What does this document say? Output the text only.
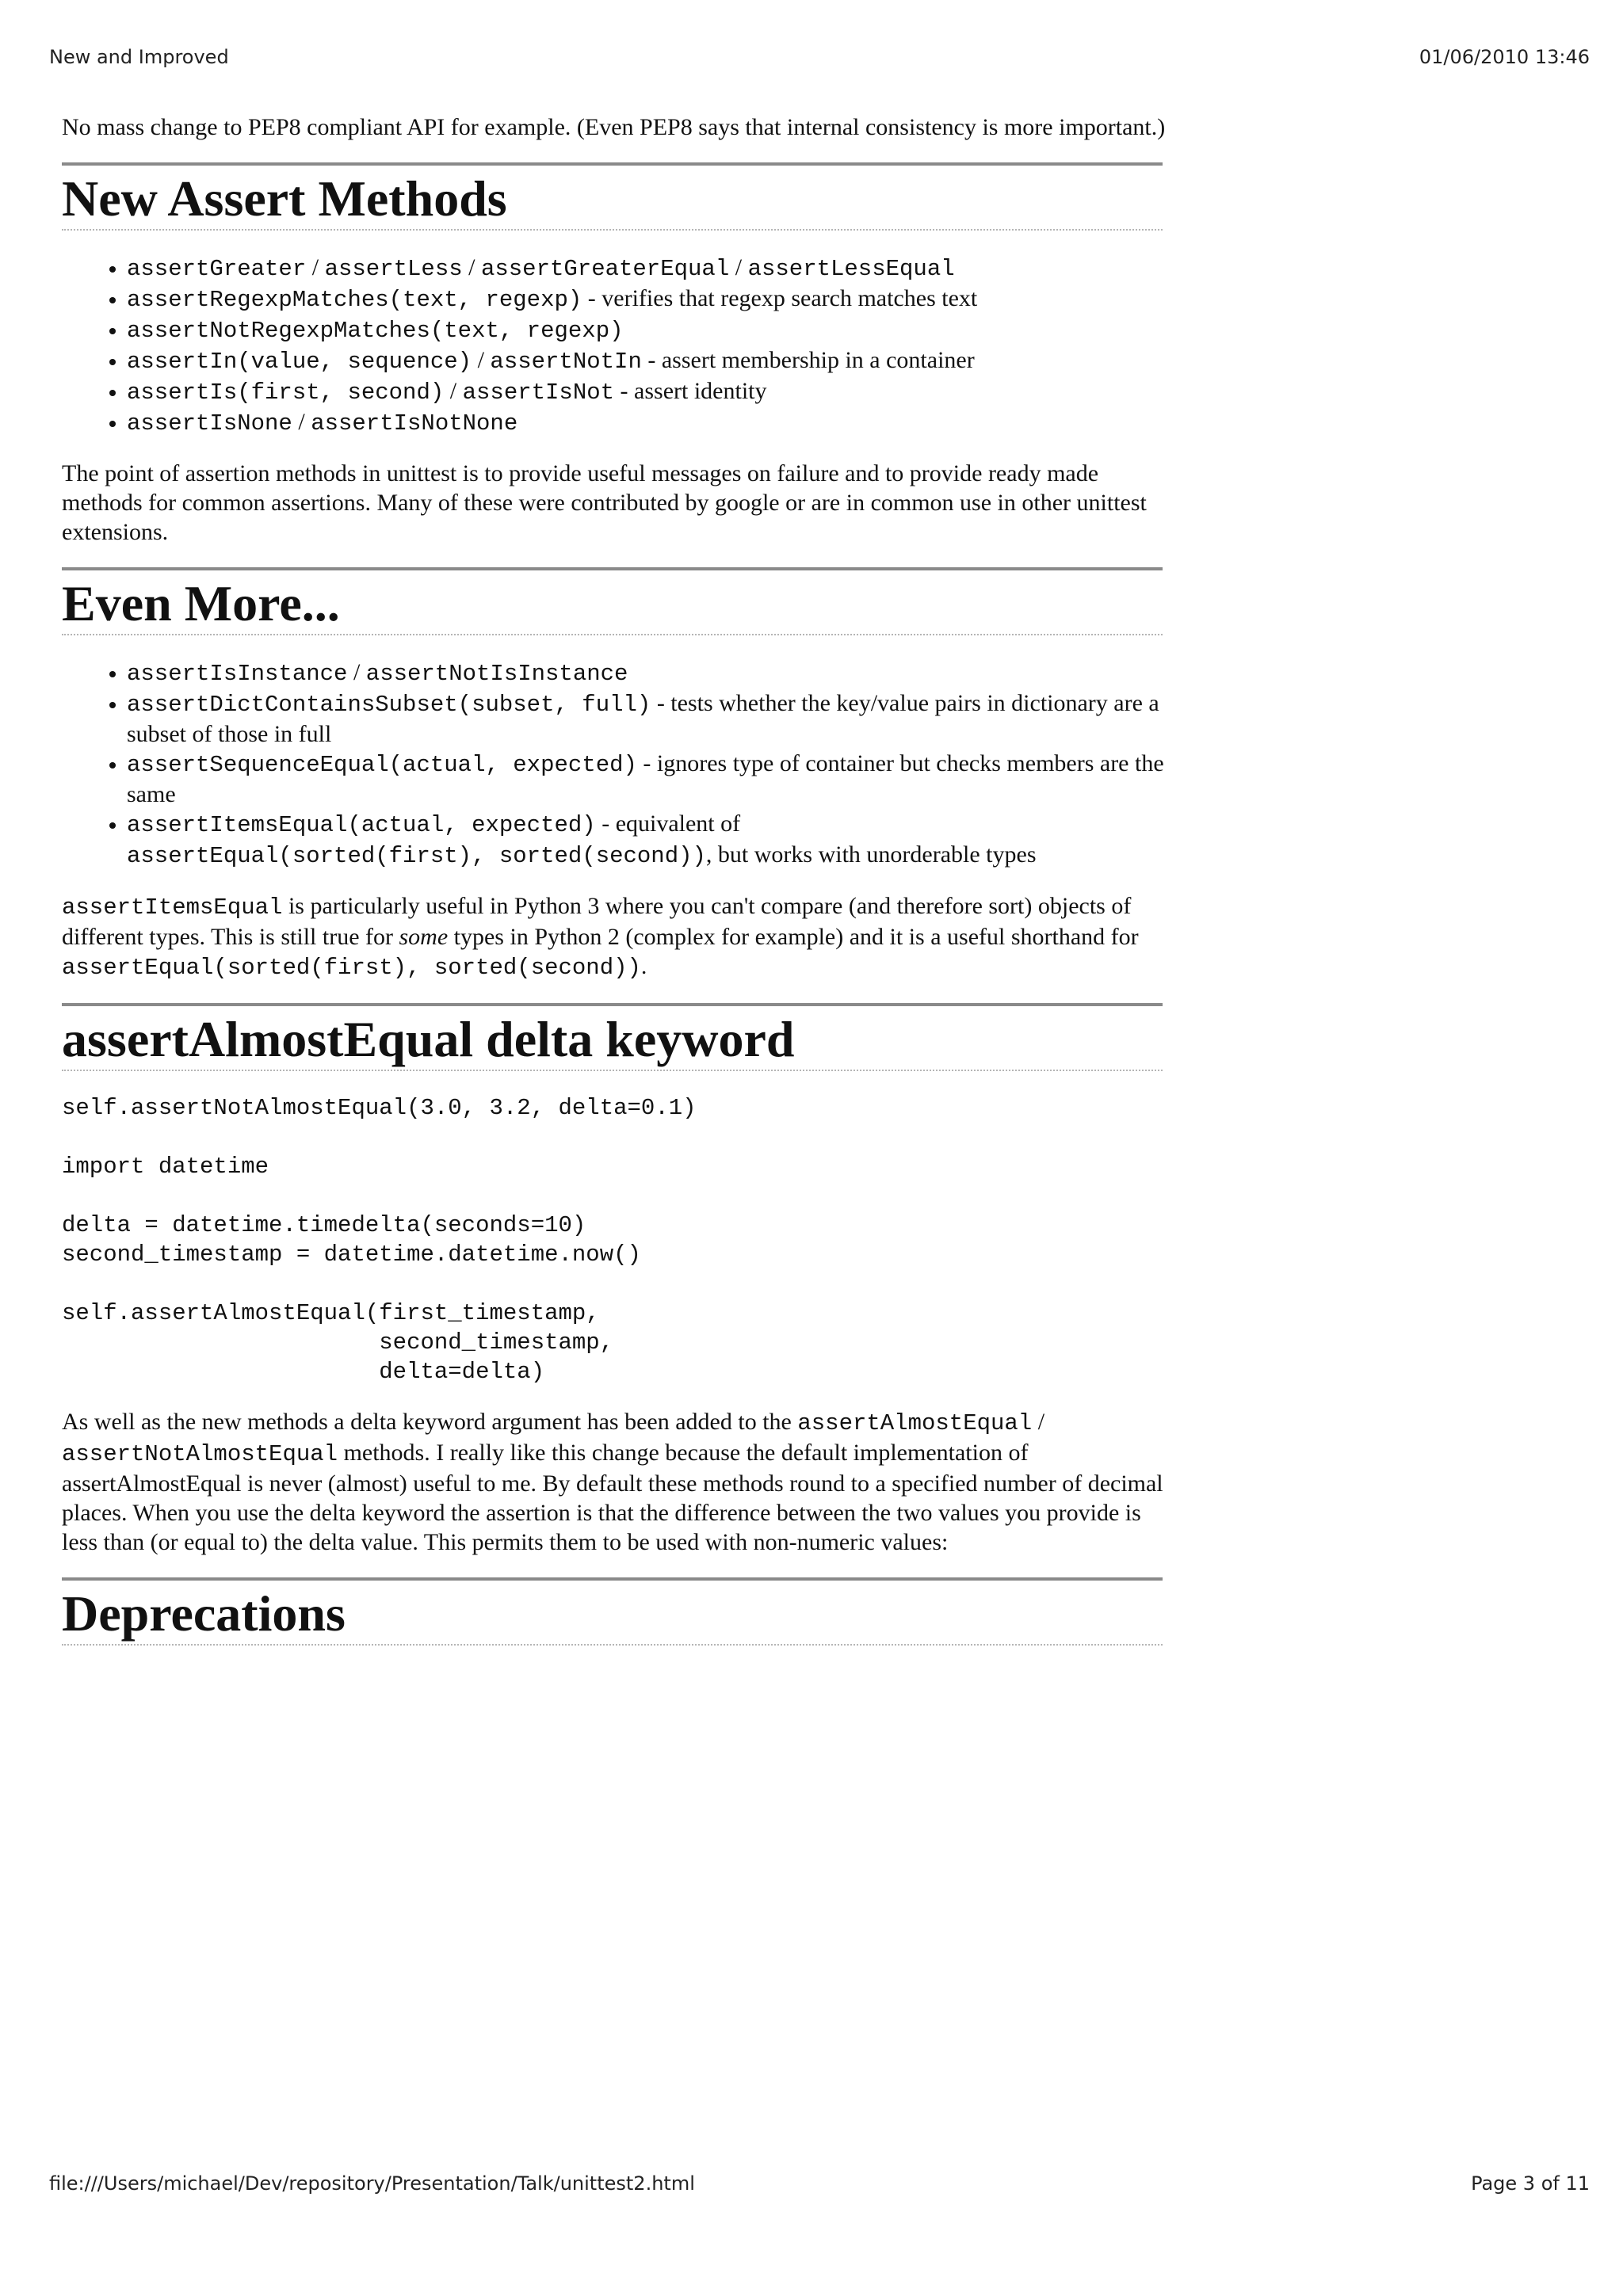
New and Improved	01/06/2010 13:46

No mass change to PEP8 compliant API for example. (Even PEP8 says that internal consistency is more important.)

New Assert Methods
• assertGreater / assertLess / assertGreaterEqual / assertLessEqual
• assertRegexpMatches(text, regexp) - verifies that regexp search matches text
• assertNotRegexpMatches(text, regexp)
• assertIn(value, sequence) / assertNotIn - assert membership in a container
• assertIs(first, second) / assertIsNot - assert identity
• assertIsNone / assertIsNotNone

The point of assertion methods in unittest is to provide useful messages on failure and to provide ready made methods for common assertions. Many of these were contributed by google or are in common use in other unittest extensions.

Even More...
• assertIsInstance / assertNotIsInstance
• assertDictContainsSubset(subset, full) - tests whether the key/value pairs in dictionary are a subset of those in full
• assertSequenceEqual(actual, expected) - ignores type of container but checks members are the same
• assertItemsEqual(actual, expected) - equivalent of
assertEqual(sorted(first), sorted(second)), but works with unorderable types

assertItemsEqual is particularly useful in Python 3 where you can't compare (and therefore sort) objects of different types. This is still true for some types in Python 2 (complex for example) and it is a useful shorthand for assertEqual(sorted(first), sorted(second)).

assertAlmostEqual delta keyword
self.assertNotAlmostEqual(3.0, 3.2, delta=0.1)

import datetime

delta = datetime.timedelta(seconds=10)
second_timestamp = datetime.datetime.now()

self.assertAlmostEqual(first_timestamp,
second_timestamp,
delta=delta)

As well as the new methods a delta keyword argument has been added to the assertAlmostEqual / assertNotAlmostEqual methods. I really like this change because the default implementation of assertAlmostEqual is never (almost) useful to me. By default these methods round to a specified number of decimal places. When you use the delta keyword the assertion is that the difference between the two values you provide is less than (or equal to) the delta value. This permits them to be used with non-numeric values:

Deprecations
file:///Users/michael/Dev/repository/Presentation/Talk/unittest2.html	Page 3 of 11
